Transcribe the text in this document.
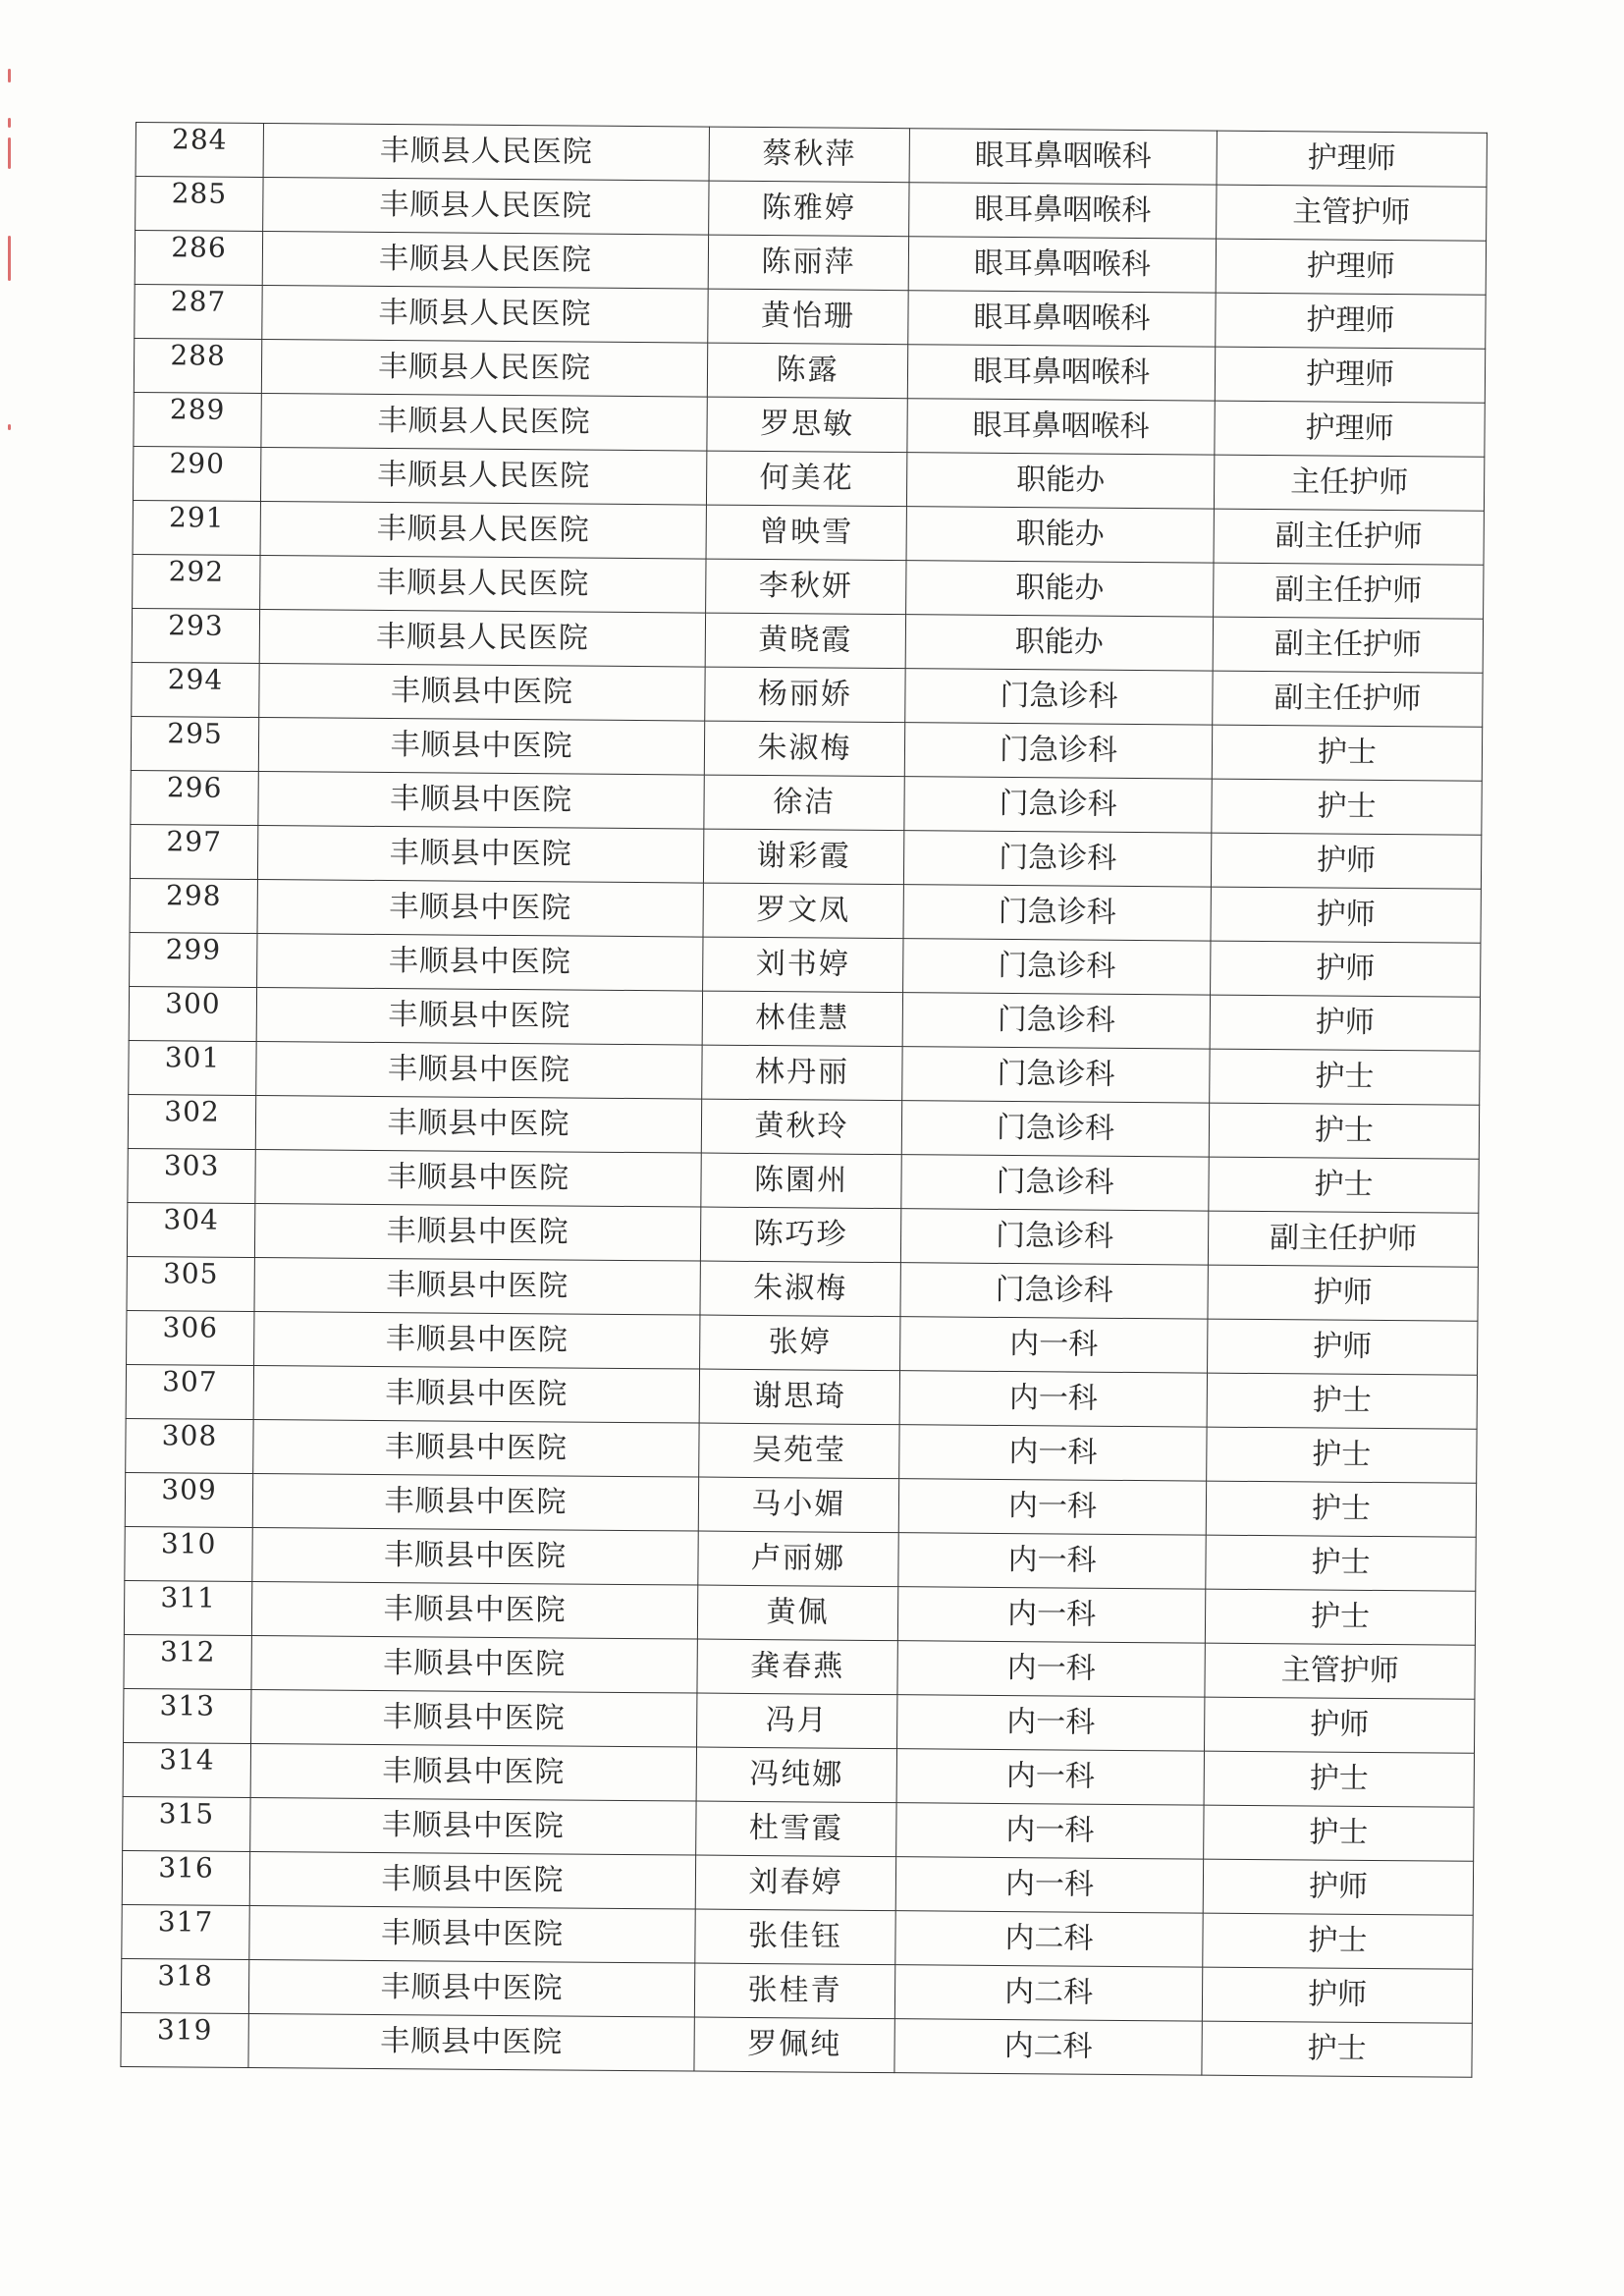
284	丰顺县人民医院	蔡秋萍	眼耳鼻咽喉科	护理师
285	丰顺县人民医院	陈雅婷	眼耳鼻咽喉科	主管护师
286	丰顺县人民医院	陈丽萍	眼耳鼻咽喉科	护理师
287	丰顺县人民医院	黄怡珊	眼耳鼻咽喉科	护理师
288	丰顺县人民医院	陈露	眼耳鼻咽喉科	护理师
289	丰顺县人民医院	罗思敏	眼耳鼻咽喉科	护理师
290	丰顺县人民医院	何美花	职能办	主任护师
291	丰顺县人民医院	曾映雪	职能办	副主任护师
292	丰顺县人民医院	李秋妍	职能办	副主任护师
293	丰顺县人民医院	黄晓霞	职能办	副主任护师
294	丰顺县中医院	杨丽娇	门急诊科	副主任护师
295	丰顺县中医院	朱淑梅	门急诊科	护士
296	丰顺县中医院	徐洁	门急诊科	护士
297	丰顺县中医院	谢彩霞	门急诊科	护师
298	丰顺县中医院	罗文凤	门急诊科	护师
299	丰顺县中医院	刘书婷	门急诊科	护师
300	丰顺县中医院	林佳慧	门急诊科	护师
301	丰顺县中医院	林丹丽	门急诊科	护士
302	丰顺县中医院	黄秋玲	门急诊科	护士
303	丰顺县中医院	陈園州	门急诊科	护士
304	丰顺县中医院	陈巧珍	门急诊科	副主任护师
305	丰顺县中医院	朱淑梅	门急诊科	护师
306	丰顺县中医院	张婷	内一科	护师
307	丰顺县中医院	谢思琦	内一科	护士
308	丰顺县中医院	吴苑莹	内一科	护士
309	丰顺县中医院	马小媚	内一科	护士
310	丰顺县中医院	卢丽娜	内一科	护士
311	丰顺县中医院	黄佩	内一科	护士
312	丰顺县中医院	龚春燕	内一科	主管护师
313	丰顺县中医院	冯月	内一科	护师
314	丰顺县中医院	冯纯娜	内一科	护士
315	丰顺县中医院	杜雪霞	内一科	护士
316	丰顺县中医院	刘春婷	内一科	护师
317	丰顺县中医院	张佳钰	内二科	护士
318	丰顺县中医院	张桂青	内二科	护师
319	丰顺县中医院	罗佩纯	内二科	护士
